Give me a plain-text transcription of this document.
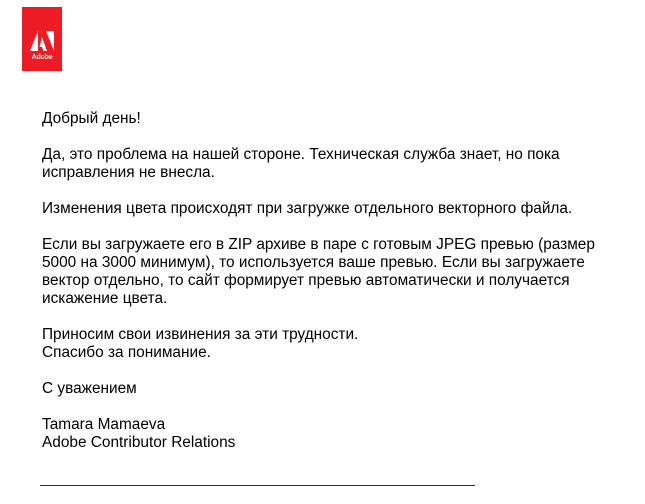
Adobe

Добрый день!

Да, это проблема на нашей стороне. Техническая служба знает, но пока
исправления не внесла.

Изменения цвета происходят при загружке отдельного векторного файла.

Если вы загружаете его в ZIP архиве в паре с готовым JPEG превью (размер
5000 на 3000 минимум), то используется ваше превью. Если вы загружаете
вектор отдельно, то сайт формирует превью автоматически и получается
искажение цвета.

Приносим свои извинения за эти трудности.
Спасибо за понимание.

С уважением

Tamara Mamaeva
Adobe Contributor Relations
